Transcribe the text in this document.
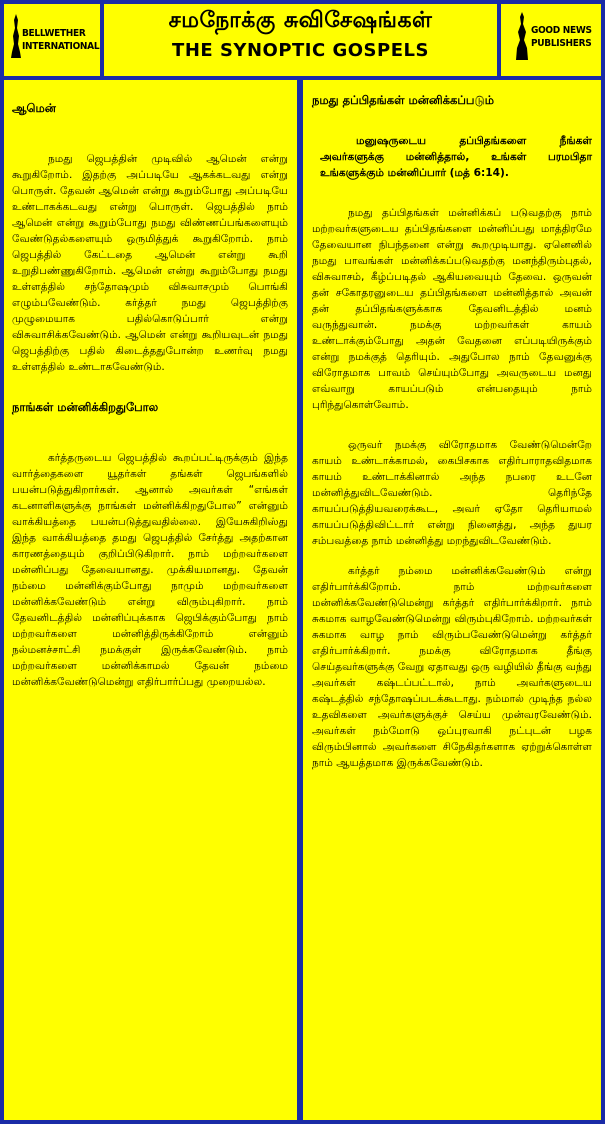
BELLWETHER
INTERNATIONAL
சமநோக்கு சுவிசேஷங்கள்
THE SYNOPTIC GOSPELS
GOOD NEWS
PUBLISHERS
ஆமென்

நமது ஜெபத்தின் முடிவில் ஆமென் என்று கூறுகிறோம். இதற்கு அப்படியே ஆகக்கடவது என்று பொருள். தேவன் ஆமென் என்று கூறும்போது அப்படியே உண்டாகக்கடவது என்று பொருள். ஜெபத்தில் நாம் ஆமென் என்று கூறும்போது நமது விண்ணப்பங்களையும் வேண்டுதல்களையும் ஒருமித்துக் கூறுகிறோம். நாம் ஜெபத்தில் கேட்டதை ஆமென் என்று கூறி உறுதிபண்ணுகிறோம். ஆமென் என்று கூறும்போது நமது உள்ளத்தில் சந்தோஷமும் விசுவாசமும் பொங்கி எழும்பவேண்டும். கர்த்தர் நமது ஜெபத்திற்கு முழுமையாக பதில்கொடுப்பார் என்று விசுவாசிக்கவேண்டும். ஆமென் என்று கூறியவுடன் நமது ஜெபத்திற்கு பதில் கிடைத்ததுபோன்ற உணர்வு நமது உள்ளத்தில் உண்டாகவேண்டும்.

நாங்கள் மன்னிக்கிறதுபோல

கர்த்தருடைய ஜெபத்தில் கூறப்பட்டிருக்கும் இந்த வார்த்தைகளை யூதர்கள் தங்கள் ஜெபங்களில் பயன்படுத்துகிறார்கள். ஆனால் அவர்கள் “எங்கள் கடனாளிகளுக்கு நாங்கள் மன்னிக்கிறதுபோல” என்னும் வாக்கியத்தை பயன்படுத்துவதில்லை. இயேசுகிறிஸ்து இந்த வாக்கியத்தை தமது ஜெபத்தில் சேர்த்து அதற்கான காரணத்தையும் குறிப்பிடுகிறார். நாம் மற்றவர்களை மன்னிப்பது தேவையானது. முக்கியமானது. தேவன் நம்மை மன்னிக்கும்போது நாமும் மற்றவர்களை மன்னிக்கவேண்டும் என்று விரும்புகிறார். நாம் தேவனிடத்தில் மன்னிப்புக்காக ஜெபிக்கும்போது நாம் மற்றவர்களை மன்னித்திருக்கிறோம் என்னும் நல்மனச்சாட்சி நமக்குள் இருக்கவேண்டும். நாம் மற்றவர்களை மன்னிக்காமல் தேவன் நம்மை மன்னிக்கவேண்டுமென்று எதிர்பார்ப்பது முறையல்ல.

நமது தப்பிதங்கள் மன்னிக்கப்படும்

மனுஷருடைய தப்பிதங்களை நீங்கள் அவர்களுக்கு மன்னித்தால், உங்கள் பரமபிதா உங்களுக்கும் மன்னிப்பார் (மத் 6:14).

நமது தப்பிதங்கள் மன்னிக்கப் படுவதற்கு நாம் மற்றவர்களுடைய தப்பிதங்களை மன்னிப்பது மாத்திரமே தேவையான நிபந்தனை என்று கூறமுடியாது. ஏனெனில் நமது பாவங்கள் மன்னிக்கப்படுவதற்கு மனந்திரும்புதல், விசுவாசம், கீழ்ப்படிதல் ஆகியவையும் தேவை. ஒருவன் தன் சகோதரனுடைய தப்பிதங்களை மன்னித்தால் அவன் தன் தப்பிதங்களுக்காக தேவனிடத்தில் மனம் வருந்துவான். நமக்கு மற்றவர்கள் காயம் உண்டாக்கும்போது அதன் வேதனை எப்படியிருக்கும் என்று நமக்குத் தெரியும். அதுபோல நாம் தேவனுக்கு விரோதமாக பாவம் செய்யும்போது அவருடைய மனது எவ்வாறு காயப்படும் என்பதையும் நாம் புரிந்துகொள்வோம்.

ஒருவர் நமக்கு விரோதமாக வேண்டுமென்றே காயம் உண்டாக்காமல், கைபிசகாக எதிர்பாராதவிதமாக காயம் உண்டாக்கினால் அந்த நபரை உடனே மன்னித்துவிடவேண்டும். தெரிந்தே காயப்படுத்தியவரைக்கூட, அவர் ஏதோ தெரியாமல் காயப்படுத்திவிட்டார் என்று நினைத்து, அந்த துயர சம்பவத்தை நாம் மன்னித்து மறந்துவிடவேண்டும்.

கர்த்தர் நம்மை மன்னிக்கவேண்டும் என்று எதிர்பார்க்கிறோம். நாம் மற்றவர்களை மன்னிக்கவேண்டுமென்று கர்த்தர் எதிர்பார்க்கிறார். நாம் சுகமாக வாழவேண்டுமென்று விரும்புகிறோம். மற்றவர்கள் சுகமாக வாழ நாம் விரும்பவேண்டுமென்று கர்த்தர் எதிர்பார்க்கிறார். நமக்கு விரோதமாக தீங்கு செய்தவர்களுக்கு வேறு ஏதாவது ஒரு வழியில் தீங்கு வந்து அவர்கள் கஷ்டப்பட்டால், நாம் அவர்களுடைய கஷ்டத்தில் சந்தோஷப்படக்கூடாது. நம்மால் முடிந்த நல்ல உதவிகளை அவர்களுக்குச் செய்ய முன்வரவேண்டும். அவர்கள் நம்மோடு ஒப்புரவாகி நட்புடன் பழக விரும்பினால் அவர்களை சிநேகிதர்களாக ஏற்றுக்கொள்ள நாம் ஆயத்தமாக இருக்கவேண்டும்.
